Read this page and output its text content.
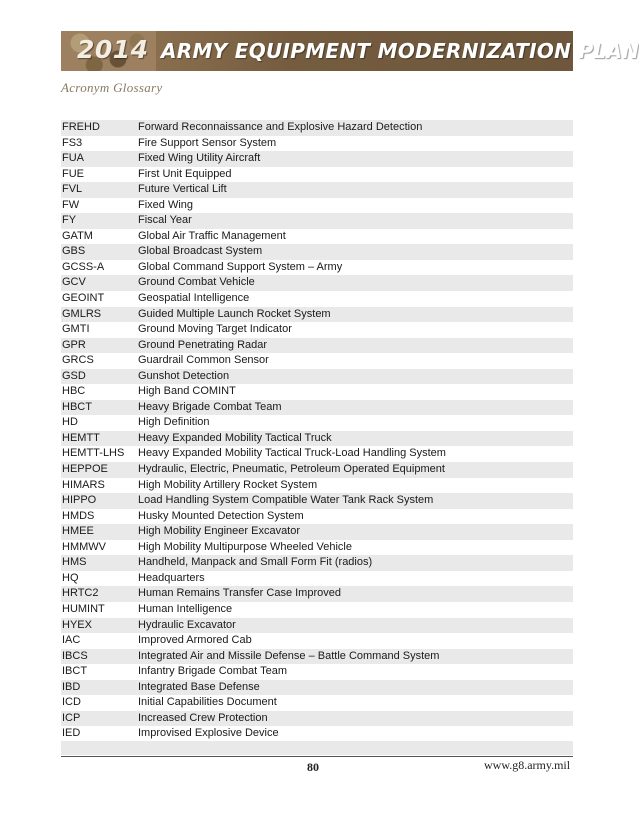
2014 ARMY EQUIPMENT MODERNIZATION PLAN
Acronym Glossary
FREHD	Forward Reconnaissance and Explosive Hazard Detection
FS3	Fire Support Sensor System
FUA	Fixed Wing Utility Aircraft
FUE	First Unit Equipped
FVL	Future Vertical Lift
FW	Fixed Wing
FY	Fiscal Year
GATM	Global Air Traffic Management
GBS	Global Broadcast System
GCSS-A	Global Command Support System – Army
GCV	Ground Combat Vehicle
GEOINT	Geospatial Intelligence
GMLRS	Guided Multiple Launch Rocket System
GMTI	Ground Moving Target Indicator
GPR	Ground Penetrating Radar
GRCS	Guardrail Common Sensor
GSD	Gunshot Detection
HBC	High Band COMINT
HBCT	Heavy Brigade Combat Team
HD	High Definition
HEMTT	Heavy Expanded Mobility Tactical Truck
HEMTT-LHS	Heavy Expanded Mobility Tactical Truck-Load Handling System
HEPPOE	Hydraulic, Electric, Pneumatic, Petroleum Operated Equipment
HIMARS	High Mobility Artillery Rocket System
HIPPO	Load Handling System Compatible Water Tank Rack System
HMDS	Husky Mounted Detection System
HMEE	High Mobility Engineer Excavator
HMMWV	High Mobility Multipurpose Wheeled Vehicle
HMS	Handheld, Manpack and Small Form Fit (radios)
HQ	Headquarters
HRTC2	Human Remains Transfer Case Improved
HUMINT	Human Intelligence
HYEX	Hydraulic Excavator
IAC	Improved Armored Cab
IBCS	Integrated Air and Missile Defense – Battle Command System
IBCT	Infantry Brigade Combat Team
IBD	Integrated Base Defense
ICD	Initial Capabilities Document
ICP	Increased Crew Protection
IED	Improvised Explosive Device
80	www.g8.army.mil
